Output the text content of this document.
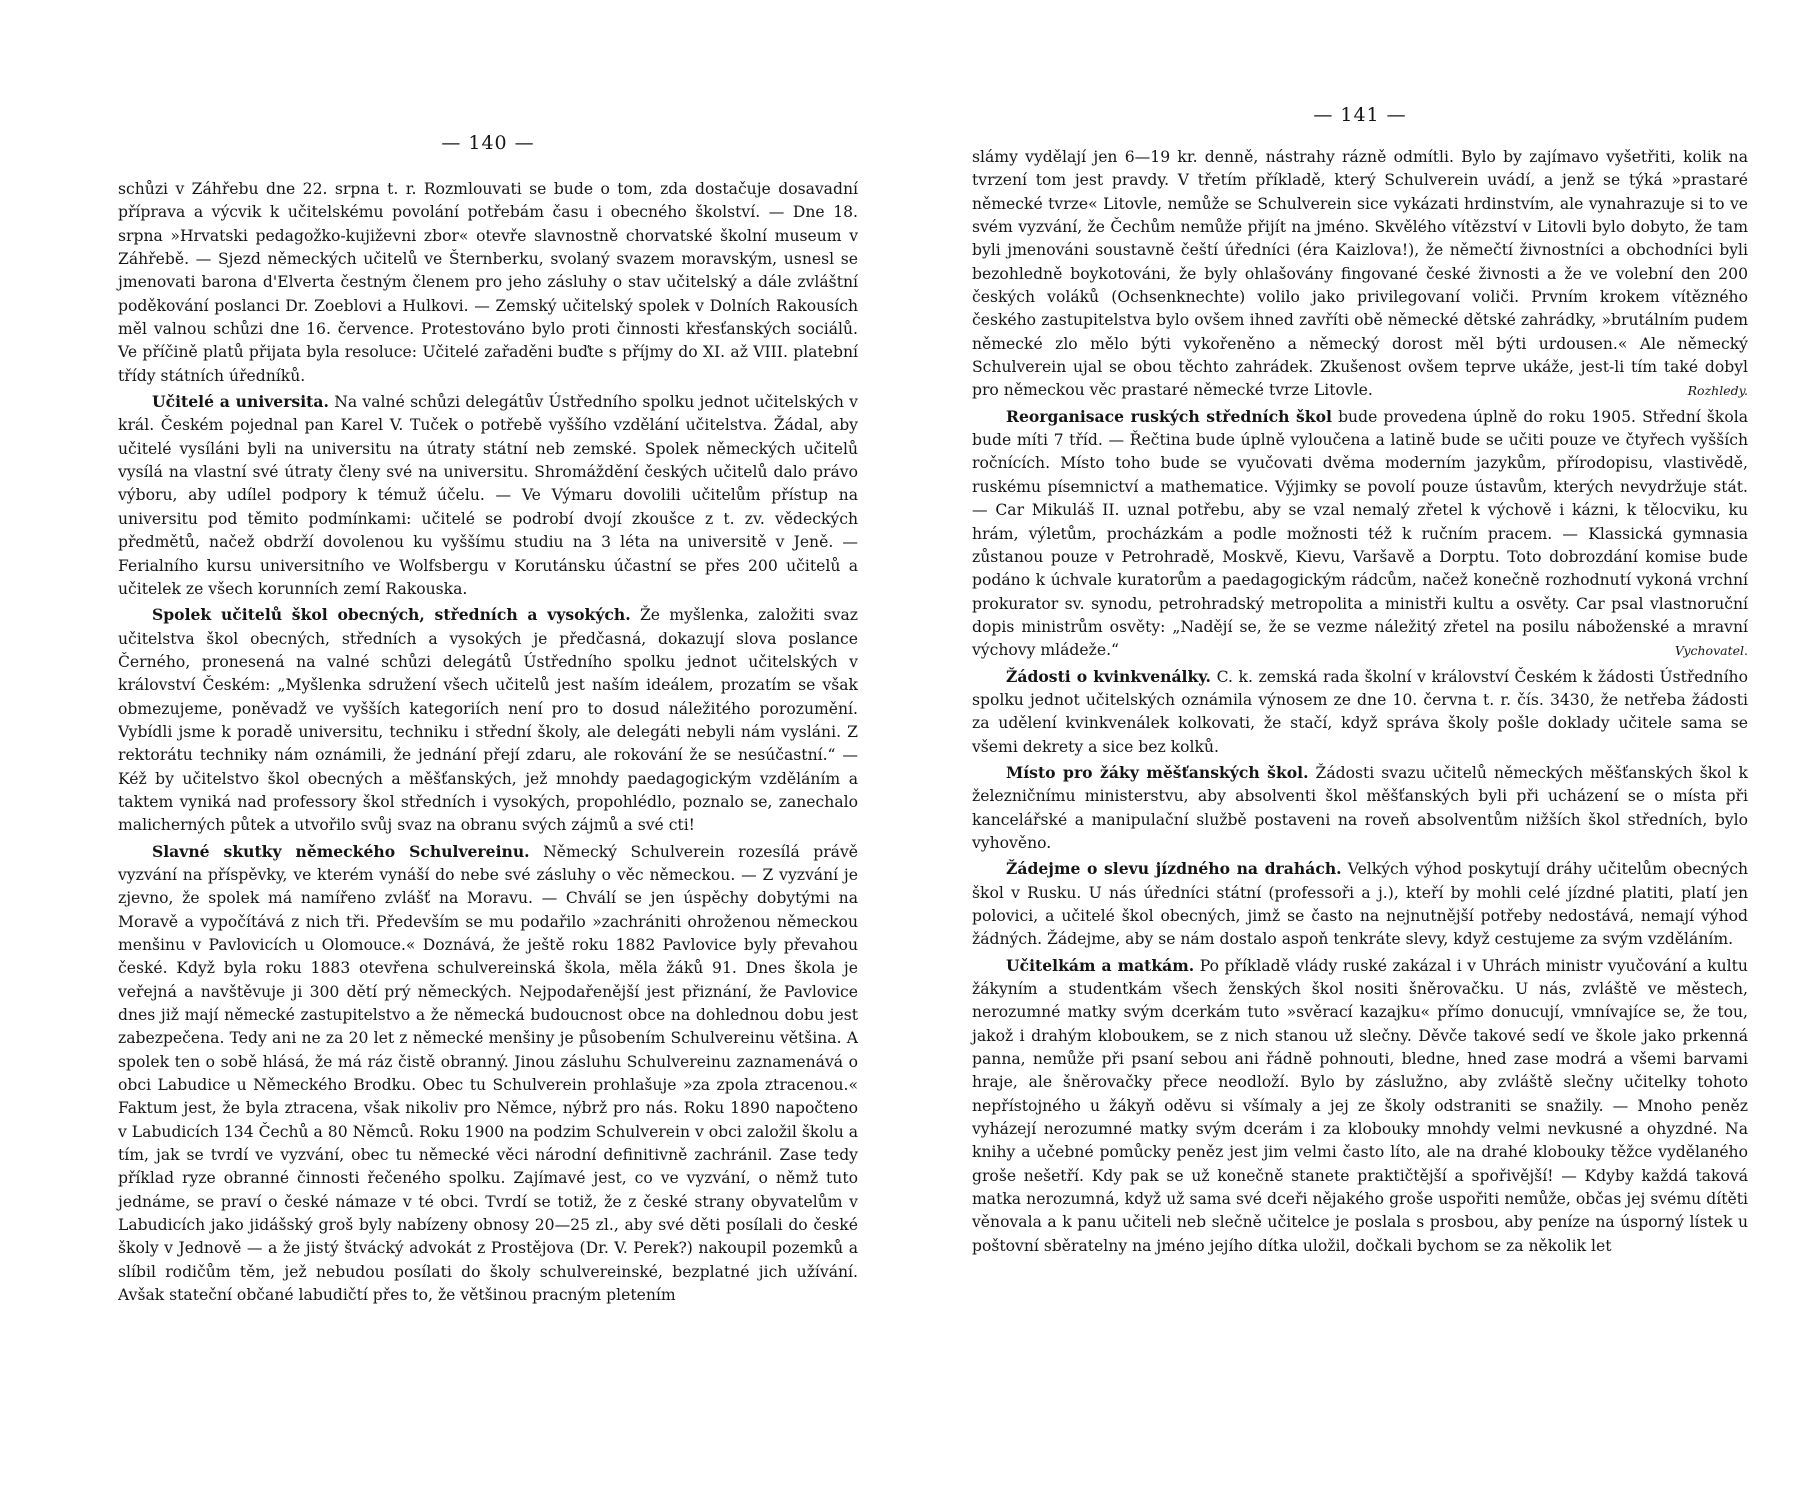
— 140 —

schůzi v Záhřebu dne 22. srpna t. r. Rozmlouvati se bude o tom, zda dostačuje dosavadní příprava a výcvik k učitelskému povolání potřebám času i obecného školství. — Dne 18. srpna »Hrvatski pedagožko-kujiževni zbor« otevře slavnostně chorvatské školní museum v Záhřebě. — Sjezd německých učitelů ve Šternberku, svolaný svazem moravským, usnesl se jmenovati barona d'Elverta čestným členem pro jeho zásluhy o stav učitelský a dále zvláštní poděkování poslanci Dr. Zoeblovi a Hulkovi. — Zemský učitelský spolek v Dolních Rakousích měl valnou schůzi dne 16. července. Protestováno bylo proti činnosti křesťanských sociálů. Ve příčině platů přijata byla resoluce: Učitelé zařaděni buďte s příjmy do XI. až VIII. platební třídy státních úředníků.

Učitelé a universita. Na valné schůzi delegátův Ústředního spolku jednot učitelských v král. Českém pojednal pan Karel V. Tuček o potřebě vyššího vzdělání učitelstva. Žádal, aby učitelé vysíláni byli na universitu na útraty státní neb zemské. Spolek německých učitelů vysílá na vlastní své útraty členy své na universitu. Shromáždění českých učitelů dalo právo výboru, aby udílel podpory k témuž účelu. — Ve Výmaru dovolili učitelům přístup na universitu pod těmito podmínkami: učitelé se podrobí dvojí zkoušce z t. zv. vědeckých předmětů, načež obdrží dovolenou ku vyššímu studiu na 3 léta na universitě v Jeně. — Ferialního kursu universitního ve Wolfsbergu v Korutánsku účastní se přes 200 učitelů a učitelek ze všech korunních zemí Rakouska.

Spolek učitelů škol obecných, středních a vysokých. Že myšlenka, založiti svaz učitelstva škol obecných, středních a vysokých je předčasná, dokazují slova poslance Černého, pronesená na valné schůzi delegátů Ústředního spolku jednot učitelských v království Českém: „Myšlenka sdružení všech učitelů jest naším ideálem, prozatím se však obmezujeme, poněvadž ve vyšších kategoriích není pro to dosud náležitého porozumění. Vybídli jsme k poradě universitu, techniku i střední školy, ale delegáti nebyli nám vysláni. Z rektorátu techniky nám oznámili, že jednání přejí zdaru, ale rokování že se nesúčastní.“ — Kéž by učitelstvo škol obecných a měšťanských, jež mnohdy paedagogickým vzděláním a taktem vyniká nad professory škol středních i vysokých, propohlédlo, poznalo se, zanechalo malicherných půtek a utvořilo svůj svaz na obranu svých zájmů a své cti!

Slavné skutky německého Schulvereinu. Německý Schulverein rozesílá právě vyzvání na příspěvky, ve kterém vynáší do nebe své zásluhy o věc německou. — Z vyzvání je zjevno, že spolek má namířeno zvlášť na Moravu. — Chválí se jen úspěchy dobytými na Moravě a vypočítává z nich tři. Především se mu podařilo »zachrániti ohroženou německou menšinu v Pavlovicích u Olomouce.« Doznává, že ještě roku 1882 Pavlovice byly převahou české. Když byla roku 1883 otevřena schulvereinská škola, měla žáků 91. Dnes škola je veřejná a navštěvuje ji 300 dětí prý německých. Nejpodařenější jest přiznání, že Pavlovice dnes již mají německé zastupitelstvo a že německá budoucnost obce na dohlednou dobu jest zabezpečena. Tedy ani ne za 20 let z německé menšiny je působením Schulvereinu většina. A spolek ten o sobě hlásá, že má ráz čistě obranný. Jinou zásluhu Schulvereinu zaznamenává o obci Labudice u Německého Brodku. Obec tu Schulverein prohlašuje »za zpola ztracenou.« Faktum jest, že byla ztracena, však nikoliv pro Němce, nýbrž pro nás. Roku 1890 napočteno v Labudicích 134 Čechů a 80 Němců. Roku 1900 na podzim Schulverein v obci založil školu a tím, jak se tvrdí ve vyzvání, obec tu německé věci národní definitivně zachránil. Zase tedy příklad ryze obranné činnosti řečeného spolku. Zajímavé jest, co ve vyzvání, o němž tuto jednáme, se praví o české námaze v té obci. Tvrdí se totiž, že z české strany obyvatelům v Labudicích jako jidášský groš byly nabízeny obnosy 20—25 zl., aby své děti posílali do české školy v Jednově — a že jistý štvácký advokát z Prostějova (Dr. V. Perek?) nakoupil pozemků a slíbil rodičům těm, jež nebudou posílati do školy schulvereinské, bezplatné jich užívání. Avšak stateční občané labudičtí přes to, že většinou pracným pletením

— 141 —

slámy vydělají jen 6—19 kr. denně, nástrahy rázně odmítli. Bylo by zajímavo vyšetřiti, kolik na tvrzení tom jest pravdy. V třetím příkladě, který Schulverein uvádí, a jenž se týká »prastaré německé tvrze« Litovle, nemůže se Schulverein sice vykázati hrdinstvím, ale vynahrazuje si to ve svém vyzvání, že Čechům nemůže přijít na jméno. Skvělého vítězství v Litovli bylo dobyto, že tam byli jmenováni soustavně čeští úředníci (éra Kaizlova!), že němečtí živnostníci a obchodníci byli bezohledně boykotováni, že byly ohlašovány fingované české živnosti a že ve volební den 200 českých voláků (Ochsenknechte) volilo jako privilegovaní voliči. Prvním krokem vítězného českého zastupitelstva bylo ovšem ihned zavříti obě německé dětské zahrádky, »brutálním pudem německé zlo mělo býti vykořeněno a německý dorost měl býti urdousen.« Ale německý Schulverein ujal se obou těchto zahrádek. Zkušenost ovšem teprve ukáže, jest-li tím také dobyl pro německou věc prastaré německé tvrze Litovle.	Rozhledy.

Reorganisace ruských středních škol bude provedena úplně do roku 1905. Střední škola bude míti 7 tříd. — Řečtina bude úplně vyloučena a latině bude se učiti pouze ve čtyřech vyšších ročnících. Místo toho bude se vyučovati dvěma moderním jazykům, přírodopisu, vlastivědě, ruskému písemnictví a mathematice. Výjimky se povolí pouze ústavům, kterých nevydržuje stát. — Car Mikuláš II. uznal potřebu, aby se vzal nemalý zřetel k výchově i kázni, k tělocviku, ku hrám, výletům, procházkám a podle možnosti též k ručním pracem. — Klassická gymnasia zůstanou pouze v Petrohradě, Moskvě, Kievu, Varšavě a Dorptu. Toto dobrozdání komise bude podáno k úchvale kuratorům a paedagogickým rádcům, načež konečně rozhodnutí vykoná vrchní prokurator sv. synodu, petrohradský metropolita a ministři kultu a osvěty. Car psal vlastnoruční dopis ministrům osvěty: „Nadějí se, že se vezme náležitý zřetel na posilu náboženské a mravní výchovy mládeže.“	Vychovatel.

Žádosti o kvinkvenálky. C. k. zemská rada školní v království Českém k žádosti Ústředního spolku jednot učitelských oznámila výnosem ze dne 10. června t. r. čís. 3430, že netřeba žádosti za udělení kvinkvenálek kolkovati, že stačí, když správa školy pošle doklady učitele sama se všemi dekrety a sice bez kolků.

Místo pro žáky měšťanských škol. Žádosti svazu učitelů německých měšťanských škol k železničnímu ministerstvu, aby absolventi škol měšťanských byli při ucházení se o místa při kancelářské a manipulační službě postaveni na roveň absolventům nižších škol středních, bylo vyhověno.

Žádejme o slevu jízdného na drahách. Velkých výhod poskytují dráhy učitelům obecných škol v Rusku. U nás úředníci státní (professoři a j.), kteří by mohli celé jízdné platiti, platí jen polovici, a učitelé škol obecných, jimž se často na nejnutnější potřeby nedostává, nemají výhod žádných. Žádejme, aby se nám dostalo aspoň tenkráte slevy, když cestujeme za svým vzděláním.

Učitelkám a matkám. Po příkladě vlády ruské zakázal i v Uhrách ministr vyučování a kultu žákyním a studentkám všech ženských škol nositi šněrovačku. U nás, zvláště ve městech, nerozumné matky svým dcerkám tuto »svěrací kazajku« přímo donucují, vmnívajíce se, že tou, jakož i drahým kloboukem, se z nich stanou už slečny. Děvče takové sedí ve škole jako prkenná panna, nemůže při psaní sebou ani řádně pohnouti, bledne, hned zase modrá a všemi barvami hraje, ale šněrovačky přece neodloží. Bylo by záslužno, aby zvláště slečny učitelky tohoto nepřístojného u žákyň oděvu si všímaly a jej ze školy odstraniti se snažily. — Mnoho peněz vyházejí nerozumné matky svým dcerám i za klobouky mnohdy velmi nevkusné a ohyzdné. Na knihy a učebné pomůcky peněz jest jim velmi často líto, ale na drahé klobouky těžce vydělaného groše nešetří. Kdy pak se už konečně stanete praktičtější a spořivější! — Kdyby každá taková matka nerozumná, když už sama své dceři nějakého groše uspořiti nemůže, občas jej svému dítěti věnovala a k panu učiteli neb slečně učitelce je poslala s prosbou, aby peníze na úsporný lístek u poštovní sběratelny na jméno jejího dítka uložil, dočkali bychom se za několik let
